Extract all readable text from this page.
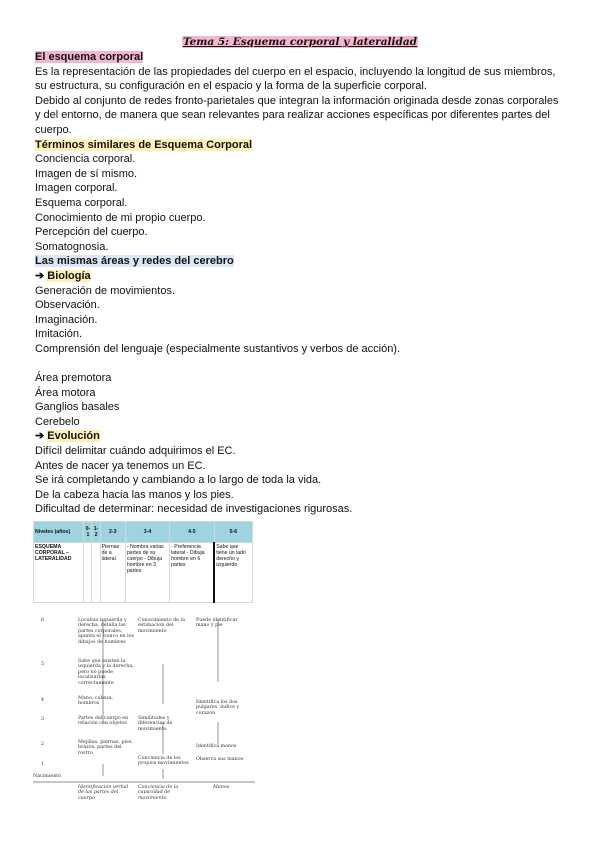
Tema 5: Esquema corporal y lateralidad
El esquema corporal
Es la representación de las propiedades del cuerpo en el espacio, incluyendo la longitud de sus miembros,
su estructura, su configuración en el espacio y la forma de la superficie corporal.
Debido al conjunto de redes fronto-parietales que integran la información originada desde zonas corporales
y del entorno, de manera que sean relevantes para realizar acciones específicas por diferentes partes del
cuerpo.
Términos similares de Esquema Corporal
Conciencia corporal.
Imagen de sí mismo.
Imagen corporal.
Esquema corporal.
Conocimiento de mi propio cuerpo.
Percepción del cuerpo.
Somatognosia.
Las mismas áreas y redes del cerebro
➔ Biología
Generación de movimientos.
Observación.
Imaginación.
Imitación.
Comprensión del lenguaje (especialmente sustantivos y verbos de acción).
Área premotora
Área motora
Ganglios basales
Cerebelo
➔ Evolución
Difícil delimitar cuándo adquirimos el EC.
Antes de nacer ya tenemos un EC.
Se irá completando y cambiando a lo largo de toda la vida.
De la cabeza hacia las manos y los pies.
Dificultad de determinar: necesidad de investigaciones rigurosas.
Niveles (años)	0-1	1-2	2-3	3-4	4-5	5-6
ESQUEMA CORPORAL – LATERALIDAD			Piernas de a lateral	- Nombra varias partes de su cuerpo - Dibuja hombre en 3 partes	- Preferencia lateral - Dibuja hombre en 6 partes	Sabe que tiene un lado derecho y izquierdo
6
5
4
3
2
1
Nacimiento
Localiza izquierda y derecha, detalla las partes corporales, apunta el tronco en los dibujos de hombres
Sabe que existen la izquierda y la derecha, pero no puede localizarlas correctamente
Mano, cabeza, hombros
Partes del cuerpo en relación con objetos
Mejillas, piernas, pies, brazos, partes del rostro
Conocimiento de la estimación del movimiento
Similitudes y diferencias de movimiento
Conciencia de los propios movimientos
Puede identificar mano y pie
Identifica los dos pulgares, índice y corazón
Identifica manos
Observa sus manos
Identificación verbal de las partes del cuerpo
Conciencia de la capacidad de movimiento
Manos
